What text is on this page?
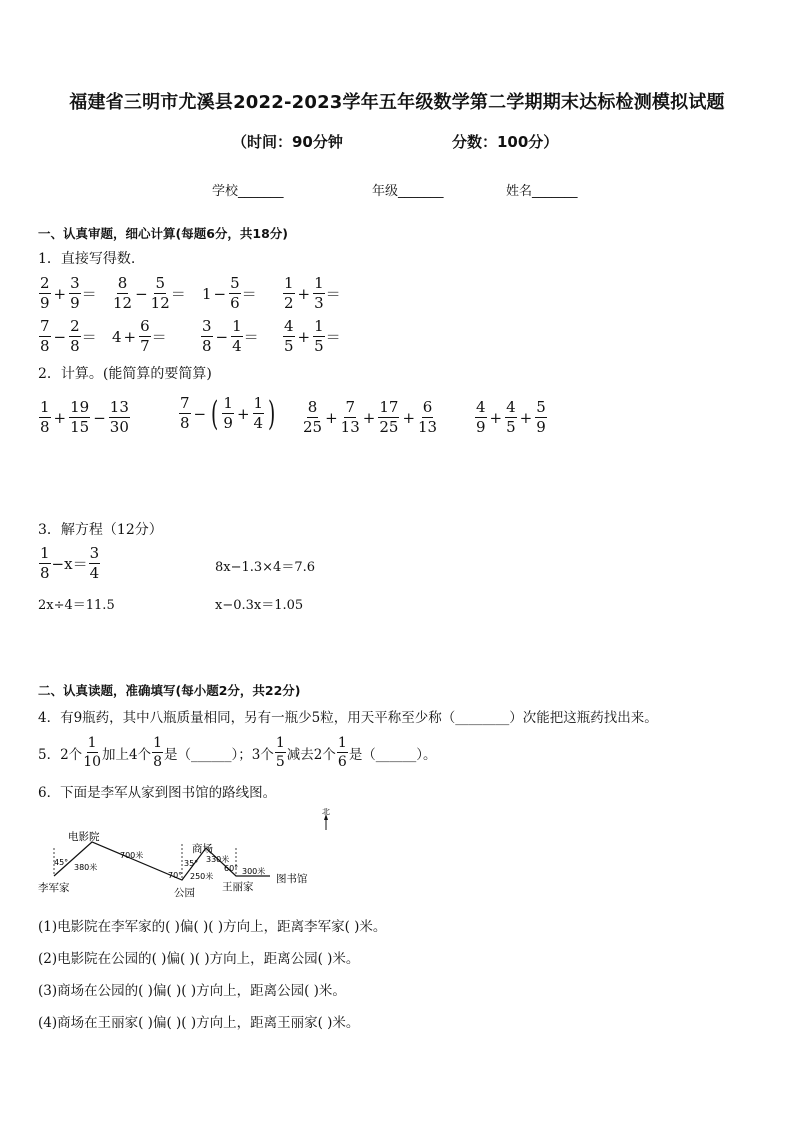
福建省三明市尤溪县2022-2023学年五年级数学第二学期期末达标检测模拟试题
（时间：90分钟	分数：100分）
学校_______	年级_______	姓名_______
一、认真审题，细心计算(每题6分，共18分)
1．直接写得数.
$\frac{2}{9} + \frac{3}{9} = \frac{8}{12} - \frac{5}{12} = 1 - \frac{5}{6} = \frac{1}{2} + \frac{1}{3}$ ＝
$\frac{7}{8} - \frac{2}{8} = 4 + \frac{6}{7} = \frac{3}{8} - \frac{1}{4} = \frac{4}{5} + \frac{1}{5}$ ＝
2．计算。(能简算的要简算)
$\frac{1}{8} + \frac{19}{15} - \frac{13}{30}$	$\frac{7}{8}$ − ( $\frac{1}{9} + \frac{1}{4}$ ) $\frac{8}{25} + \frac{7}{13} + \frac{17}{25} + \frac{6}{13}$	$\frac{4}{9} + \frac{4}{5} + \frac{5}{9}$
3．解方程（12分）
$\frac{1}{8} -x= \frac{3}{4}$	8x−1.3×4＝7.6
2x÷4＝11.5	x−0.3x＝1.05
二、认真读题，准确填写(每小题2分，共22分)
4．有9瓶药，其中八瓶质量相同，另有一瓶少5粒，用天平称至少称（________）次能把这瓶药找出来。
5．2个 $\frac{1}{10}$ 加上4个 $\frac{1}{8}$ 是（______）；3个 $\frac{1}{5}$ 减去2个 $\frac{1}{6}$ 是（______）。
6．下面是李军从家到图书馆的路线图。
北
电影院
李军家	公园
商场
王丽家
图书馆
45°
380米
700米
70°
35°
250米
330米
60° 300米
(1)电影院在李军家的( )偏( )( )方向上，距离李军家( )米。
(2)电影院在公园的( )偏( )( )方向上，距离公园( )米。
(3)商场在公园的( )偏( )( )方向上，距离公园( )米。
(4)商场在王丽家( )偏( )( )方向上，距离王丽家( )米。
